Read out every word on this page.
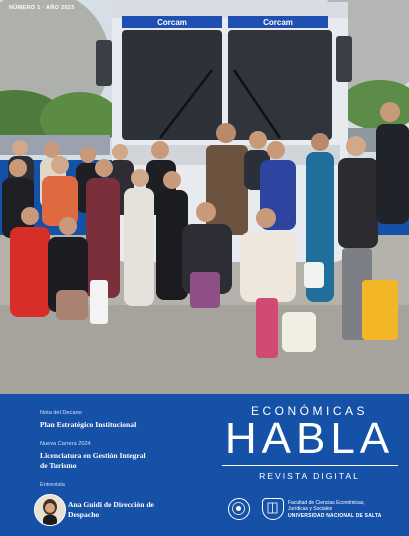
Corcam	Corcam
NÚMERO 1 · AÑO 2023
Nota del Decano
Plan Estratégico Institucional
Nueva Carrera 2024
Licenciatura en Gestión Integral de Turismo
Entrevista
Ana Guidi de Dirección de Despacho
ECONÓMICAS
HABLA
REVISTA DIGITAL
Facultad de Ciencias Económicas,
Jurídicas y Sociales
UNIVERSIDAD NACIONAL DE SALTA
